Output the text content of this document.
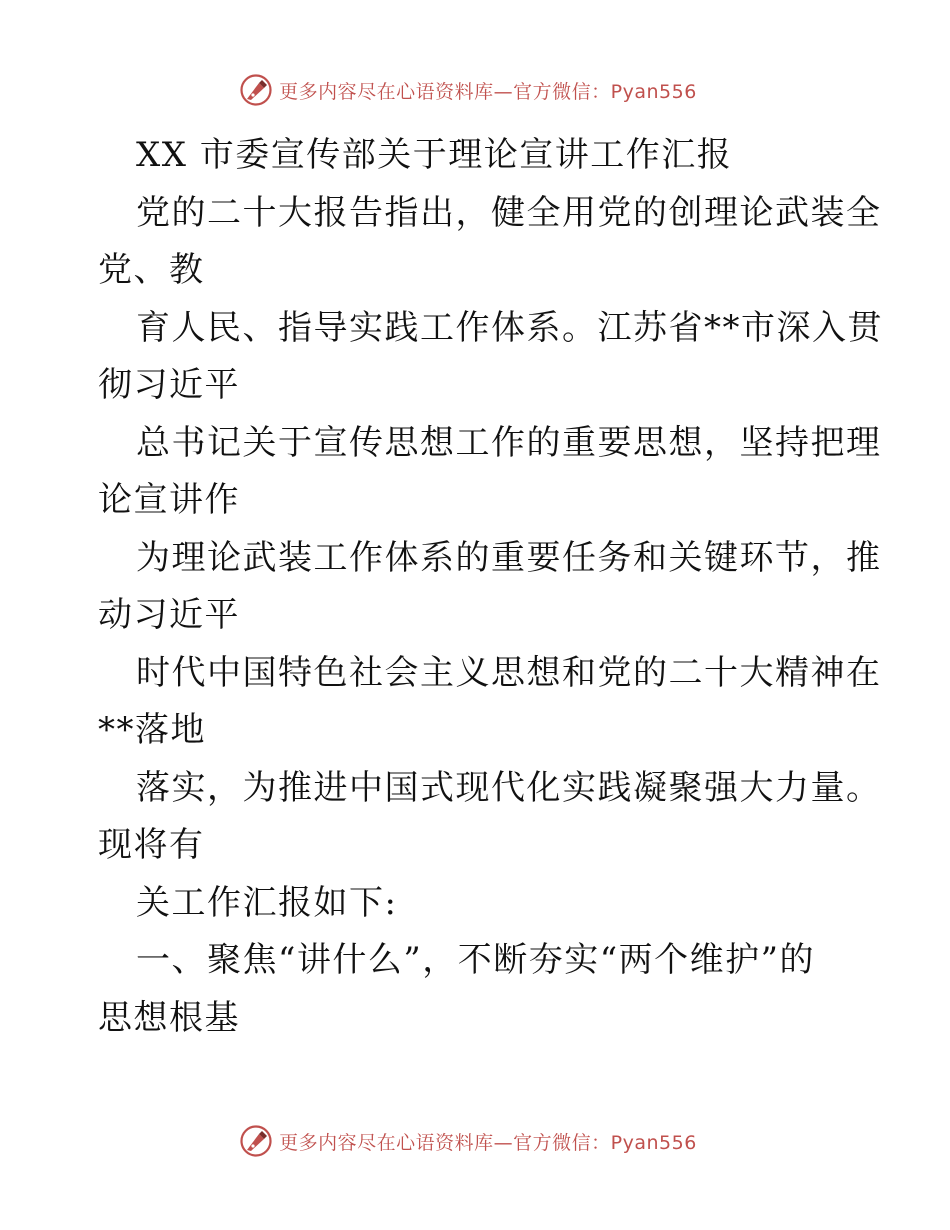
更多内容尽在心语资料库—官方微信：Pyan556
XX 市委宣传部关于理论宣讲工作汇报
党的二十大报告指出，健全用党的创理论武装全
党、教
育人民、指导实践工作体系。江苏省**市深入贯
彻习近平
总书记关于宣传思想工作的重要思想，坚持把理
论宣讲作
为理论武装工作体系的重要任务和关键环节，推
动习近平
时代中国特色社会主义思想和党的二十大精神在
**落地
落实，为推进中国式现代化实践凝聚强大力量。
现将有
关工作汇报如下:
一、聚焦“讲什么”，不断夯实“两个维护”的
思想根基
更多内容尽在心语资料库—官方微信：Pyan556
